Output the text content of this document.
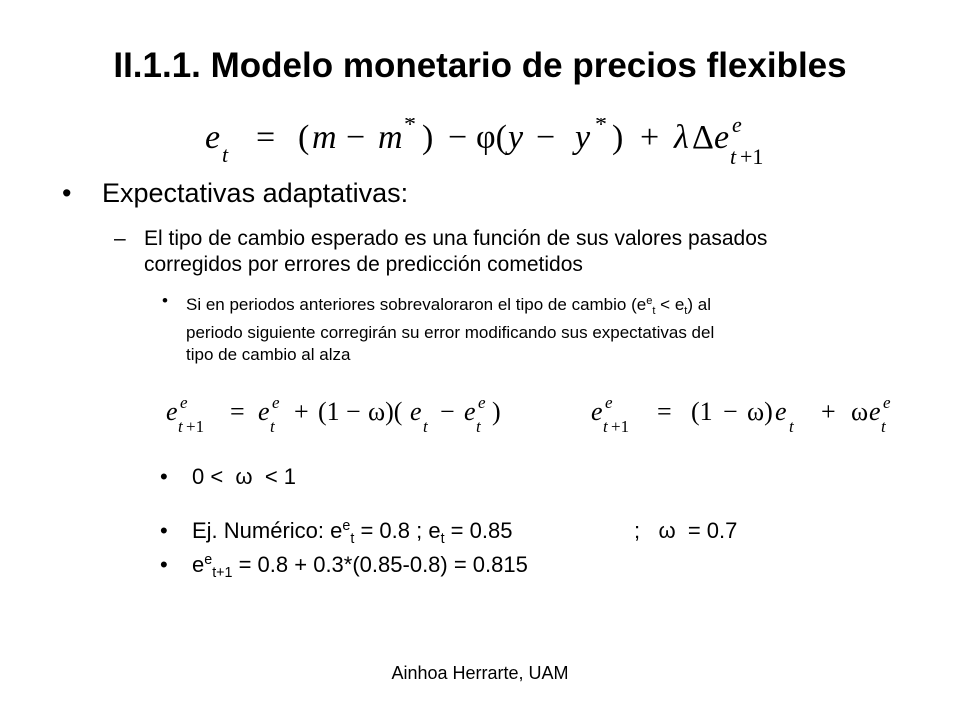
II.1.1. Modelo monetario de precios flexibles
e t = ( m − m * ) − φ( y − y * ) + λ Δ e e
t +1
• Expectativas adaptativas:
– El tipo de cambio esperado es una función de sus valores pasados corregidos por errores de predicción cometidos
• Si en periodos anteriores sobrevaloraron el tipo de cambio $(e^e_t < e_t)$ al periodo siguiente corregirán su error modificando sus expectativas del tipo de cambio al alza
e e
t +1
= e e
t
+ (1 − ω)( e
t
− e e
t
)	e e
t +1
= (1 − ω) e
t
+ ω e e
t
• 0 <  ω  < 1
• Ej. Numérico: $e^e_t = 0.8$ ; $e_t = 0.85$	;   ω  = 0.7
• $e^e_{t+1} = 0.8 + 0.3*(0.85-0.8) = 0.815$
Ainhoa Herrarte, UAM
